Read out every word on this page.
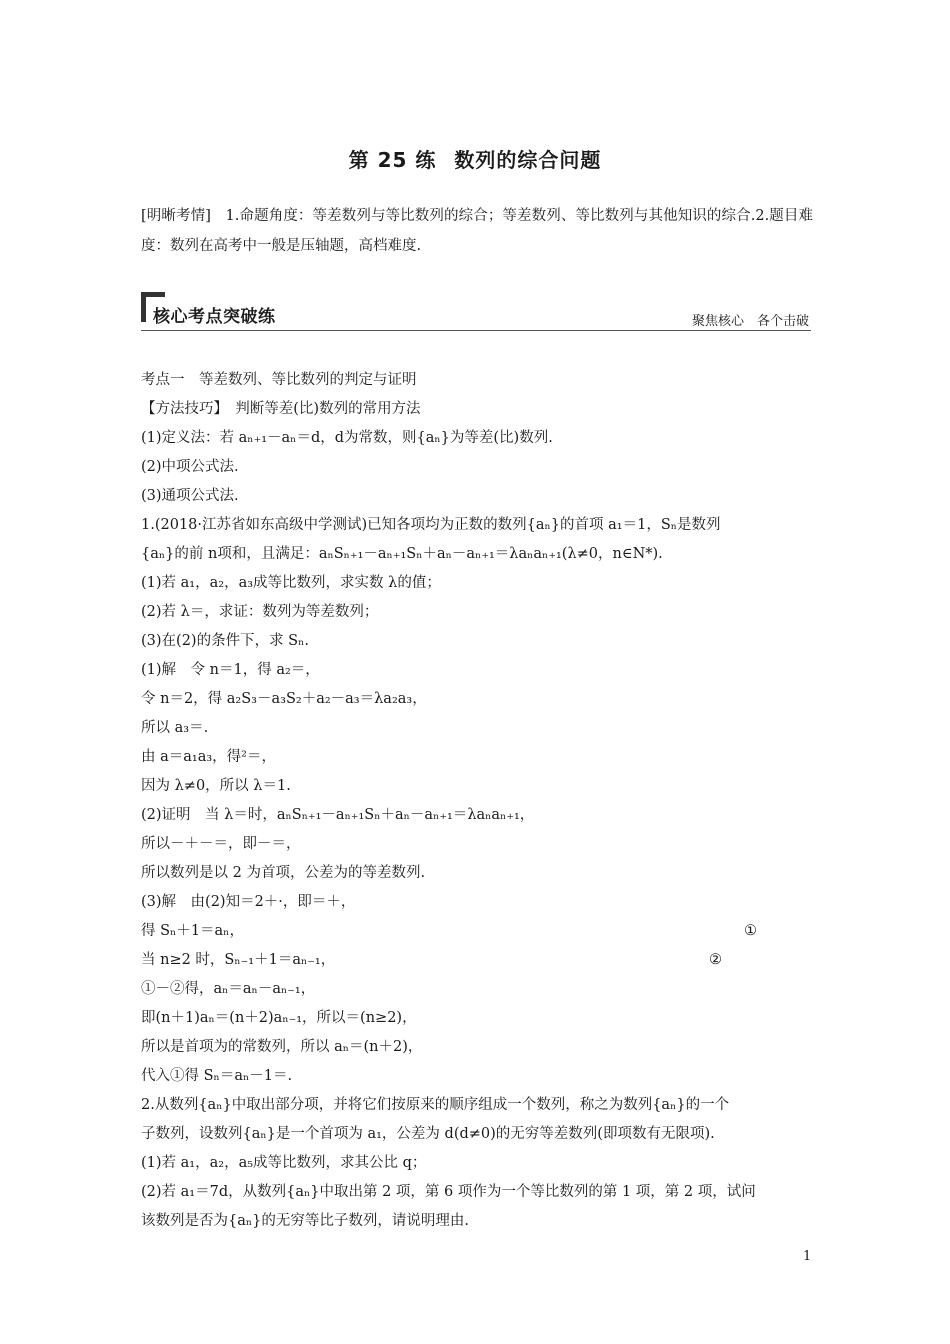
第 25 练 数列的综合问题
[明晰考情]　1.命题角度：等差数列与等比数列的综合；等差数列、等比数列与其他知识的综合.2.题目难度：数列在高考中一般是压轴题，高档难度.
核心考点突破练	聚焦核心　各个击破
考点一　等差数列、等比数列的判定与证明
【方法技巧】　判断等差(比)数列的常用方法
(1)定义法：若 aₙ₊₁－aₙ＝d，d为常数，则{aₙ}为等差(比)数列.
(2)中项公式法.
(3)通项公式法.
1.(2018·江苏省如东高级中学测试)已知各项均为正数的数列{aₙ}的首项 a₁＝1，Sₙ是数列
{aₙ}的前 n项和，且满足：aₙSₙ₊₁－aₙ₊₁Sₙ＋aₙ－aₙ₊₁＝λaₙaₙ₊₁(λ≠0，n∈N*).
(1)若 a₁，a₂，a₃成等比数列，求实数 λ的值；
(2)若 λ＝，求证：数列为等差数列；
(3)在(2)的条件下，求 Sₙ.
(1)解　令 n＝1，得 a₂＝，
令 n＝2，得 a₂S₃－a₃S₂＋a₂－a₃＝λa₂a₃，
所以 a₃＝.
由 a＝a₁a₃，得²＝，
因为 λ≠0，所以 λ＝1.
(2)证明　当 λ＝时，aₙSₙ₊₁－aₙ₊₁Sₙ＋aₙ－aₙ₊₁＝λaₙaₙ₊₁，
所以－＋－＝，即－＝，
所以数列是以 2 为首项，公差为的等差数列.
(3)解　由(2)知＝2＋·，即＝＋，
得 Sₙ＋1＝aₙ，	①
当 n≥2 时，Sₙ₋₁＋1＝aₙ₋₁，	②
①－②得，aₙ＝aₙ－aₙ₋₁，
即(n＋1)aₙ＝(n＋2)aₙ₋₁，所以＝(n≥2)，
所以是首项为的常数列，所以 aₙ＝(n＋2)，
代入①得 Sₙ＝aₙ－1＝.
2.从数列{aₙ}中取出部分项，并将它们按原来的顺序组成一个数列，称之为数列{aₙ}的一个
子数列，设数列{aₙ}是一个首项为 a₁，公差为 d(d≠0)的无穷等差数列(即项数有无限项).
(1)若 a₁，a₂，a₅成等比数列，求其公比 q；
(2)若 a₁＝7d，从数列{aₙ}中取出第 2 项，第 6 项作为一个等比数列的第 1 项，第 2 项，试问
该数列是否为{aₙ}的无穷等比子数列，请说明理由.
1
